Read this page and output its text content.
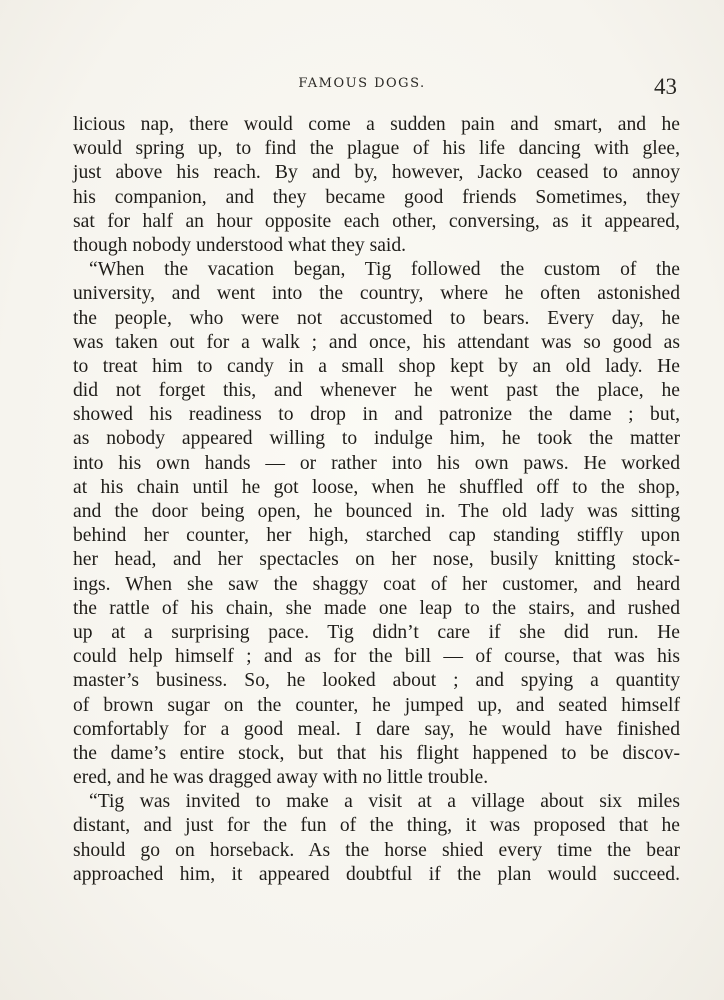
FAMOUS DOGS.	43
licious nap, there would come a sudden pain and smart, and he
would spring up, to find the plague of his life dancing with glee,
just above his reach. By and by, however, Jacko ceased to annoy
his companion, and they became good friends Sometimes, they
sat for half an hour opposite each other, conversing, as it appeared,
though nobody understood what they said.
“When the vacation began, Tig followed the custom of the
university, and went into the country, where he often astonished
the people, who were not accustomed to bears. Every day, he
was taken out for a walk ; and once, his attendant was so good as
to treat him to candy in a small shop kept by an old lady. He
did not forget this, and whenever he went past the place, he
showed his readiness to drop in and patronize the dame ; but,
as nobody appeared willing to indulge him, he took the matter
into his own hands — or rather into his own paws. He worked
at his chain until he got loose, when he shuffled off to the shop,
and the door being open, he bounced in. The old lady was sitting
behind her counter, her high, starched cap standing stiffly upon
her head, and her spectacles on her nose, busily knitting stock-
ings. When she saw the shaggy coat of her customer, and heard
the rattle of his chain, she made one leap to the stairs, and rushed
up at a surprising pace. Tig didn’t care if she did run. He
could help himself ; and as for the bill — of course, that was his
master’s business. So, he looked about ; and spying a quantity
of brown sugar on the counter, he jumped up, and seated himself
comfortably for a good meal. I dare say, he would have finished
the dame’s entire stock, but that his flight happened to be discov-
ered, and he was dragged away with no little trouble.
“Tig was invited to make a visit at a village about six miles
distant, and just for the fun of the thing, it was proposed that he
should go on horseback. As the horse shied every time the bear
approached him, it appeared doubtful if the plan would succeed.
